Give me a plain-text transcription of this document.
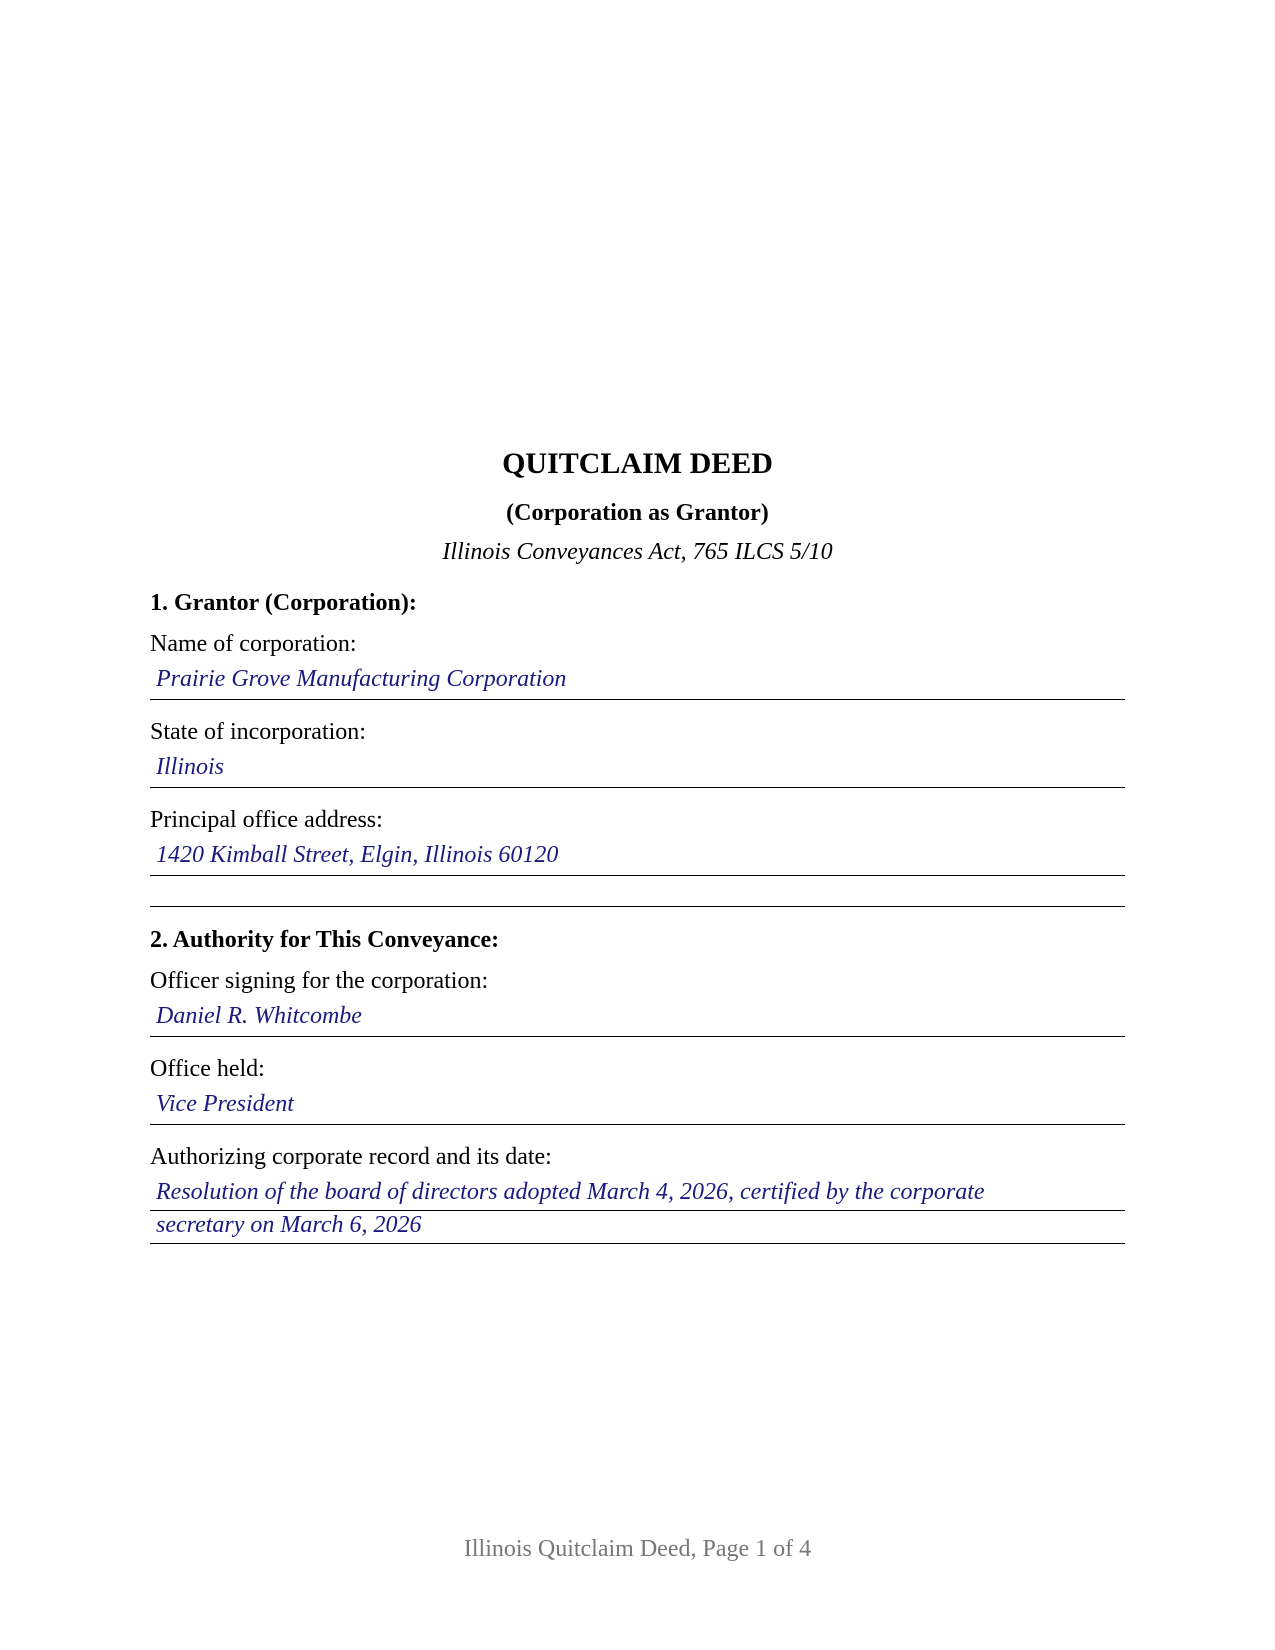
QUITCLAIM DEED
(Corporation as Grantor)
Illinois Conveyances Act, 765 ILCS 5/10
1. Grantor (Corporation):
Name of corporation:
Prairie Grove Manufacturing Corporation
State of incorporation:
Illinois
Principal office address:
1420 Kimball Street, Elgin, Illinois 60120
2. Authority for This Conveyance:
Officer signing for the corporation:
Daniel R. Whitcombe
Office held:
Vice President
Authorizing corporate record and its date:
Resolution of the board of directors adopted March 4, 2026, certified by the corporate
secretary on March 6, 2026
Illinois Quitclaim Deed, Page 1 of 4
